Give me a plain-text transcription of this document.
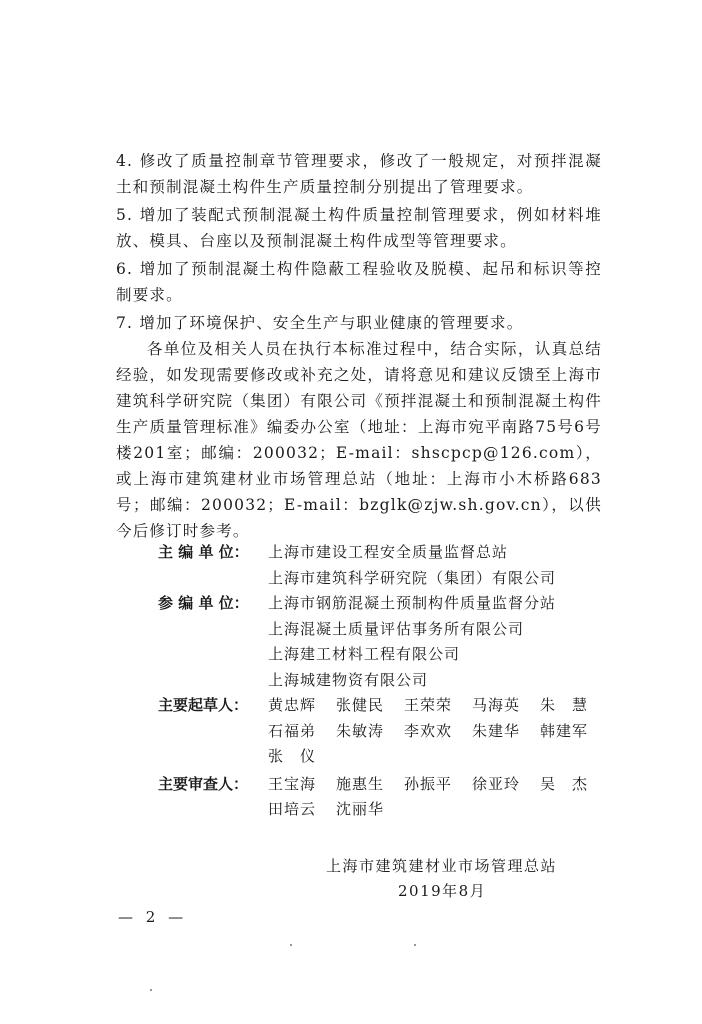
4. 修改了质量控制章节管理要求，修改了一般规定，对预拌混凝土和预制混凝土构件生产质量控制分别提出了管理要求。

5. 增加了装配式预制混凝土构件质量控制管理要求，例如材料堆放、模具、台座以及预制混凝土构件成型等管理要求。

6. 增加了预制混凝土构件隐蔽工程验收及脱模、起吊和标识等控制要求。

7. 增加了环境保护、安全生产与职业健康的管理要求。

各单位及相关人员在执行本标准过程中，结合实际，认真总结经验，如发现需要修改或补充之处，请将意见和建议反馈至上海市建筑科学研究院（集团）有限公司《预拌混凝土和预制混凝土构件生产质量管理标准》编委办公室（地址：上海市宛平南路75号6号楼201室；邮编：200032；E-mail：shscpcp@126.com），或上海市建筑建材业市场管理总站（地址：上海市小木桥路683号；邮编：200032；E-mail：bzglk@zjw.sh.gov.cn），以供今后修订时参考。

主 编 单 位：	上海市建设工程安全质量监督总站
上海市建筑科学研究院（集团）有限公司
参 编 单 位：	上海市钢筋混凝土预制构件质量监督分站
上海混凝土质量评估事务所有限公司
上海建工材料工程有限公司
上海城建物资有限公司
主要起草人：	黄忠辉	张健民	王荣荣	马海英	朱　慧
石福弟	朱敏涛	李欢欢	朱建华	韩建军
张　仪
主要审查人：	王宝海	施惠生	孙振平	徐亚玲	吴　杰
田培云	沈丽华
上海市建筑建材业市场管理总站
2019年8月
— 2 —
